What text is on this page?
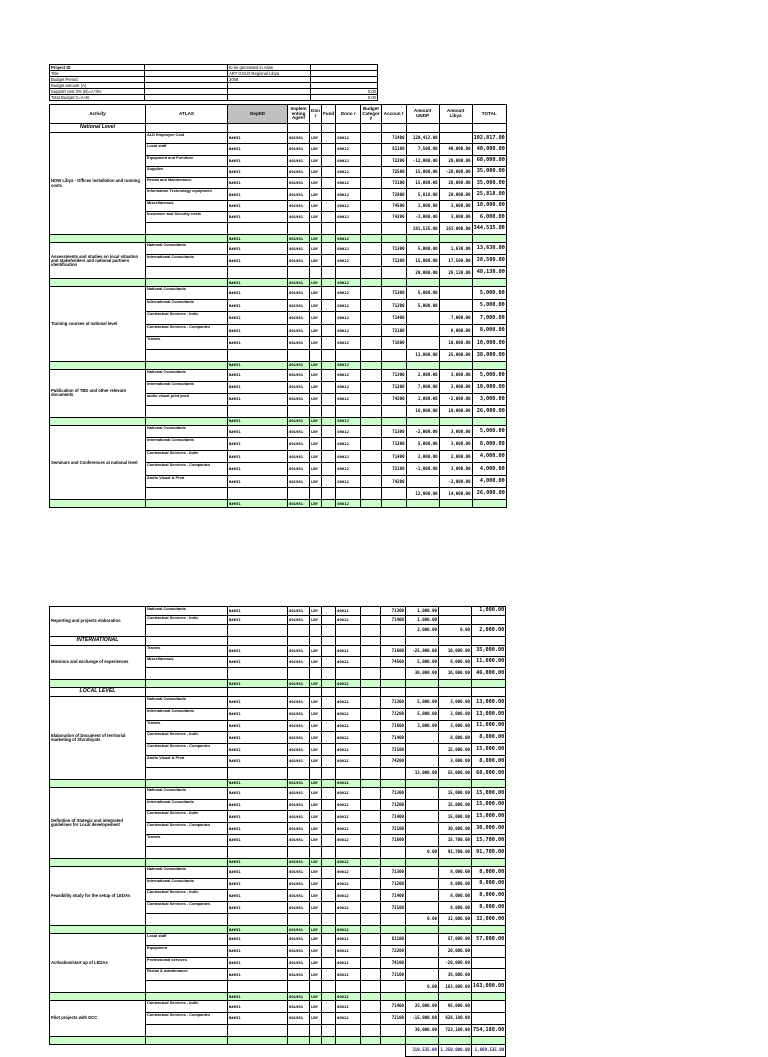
Project ID		to be generated in Atlas	
Title		ART GOLD Regional Libya	
Budget Period		2008	
Budget amount (A)			
Support cost 3% (B)=A*3%			0.00
Total Budget C=A+B			0.00
Activity	ATLAS	DeptID	Implem enting Agent	Don r	Fund	Dono r	Budget Categor y	Accoun t	Amount UNDP	Amount Libya	TOTAL
National Level											
NOW Libya - Offices installation and running costs	ALD Employee Cost	B#651	001981	LBY		00012		71400	120,412.00		102,817.00
	Local staff	B#651	001981	LBY		00012		61100	7,500.00	40,000.00	40,000.00
	Equipment and Furniture	B#651	001981	LBY		00012		72200	-12,000.00	20,000.00	68,000.00
	Supplies	B#651	001981	LBY		00012		72500	15,000.00	-20,000.00	35,000.00
	Rental and Maintenance	B#651	001981	LBY		00012		73100	15,000.00	20,000.00	35,000.00
	Information Technology equipment	B#651	001981	LBY		00012		72800	5,818.00	20,000.00	25,818.00
	Miscellaneous	B#651	001981	LBY		00012		74500	1,000.00	3,000.00	10,000.00
	Insurance and Security costs	B#651	001981	LBY		00012		74200	-3,000.00	3,000.00	6,000.00
									181,535.00	163,000.00	344,535.00
		B#651	001981	LBY		00012					
Assessments and studies on local situation and stakeholders and national partners identification	National Consultants	B#651	001981	LBY		00012		71300	5,000.00	1,630.00	13,630.00
	International Consultants	B#651	001981	LBY		00012		71200	15,000.00	17,500.00	28,500.00
									20,000.00	28,130.00	48,130.00
		B#651	001981	LBY		00012					
Training courses at national level	National Consultants	B#651	001981	LBY		00012		71300	5,000.00		5,000.00
	International Consultants	B#651	001981	LBY		00012		71200	5,000.00		5,000.00
	Contractual Services - Indiv	B#651	001981	LBY		00012		71400		7,000.00	7,000.00
	Contractual Services - Companies	B#651	001981	LBY		00012		72100		8,000.00	8,000.00
	Travels	B#651	001981	LBY		00012		71600		10,000.00	10,000.00
									13,000.00	25,000.00	38,000.00
		B#651	001981	LBY		00012					
Publication of TBD and other relevant documents	National Consultants	B#651	001981	LBY		00012		71300	2,000.00	3,000.00	5,000.00
	International Consultants	B#651	001981	LBY		00012		71200	7,000.00	3,000.00	10,000.00
	audio visual print prod	B#651	001981	LBY		00012		74200	1,000.00	-2,000.00	3,000.00
									16,000.00	10,000.00	26,000.00
		B#651	001981	LBY		00012					
Seminars and Conferences at national level	National Consultants	B#651	001981	LBY		00012		71300	-2,000.00	3,000.00	5,000.00
	International Consultants	B#651	001981	LBY		00012		71200	5,000.00	3,000.00	8,000.00
	Contractual Services - Indiv	B#651	001981	LBY		00012		71400	2,000.00	2,000.00	4,000.00
	Contractual Services - Companies	B#651	001981	LBY		00012		72100	-1,000.00	3,000.00	4,000.00
	Audio Visual & Print	B#651	001981	LBY		00012		74200		-2,000.00	4,000.00
									12,000.00	14,000.00	26,000.00
		B#651	001981	LBY		00012					
Reporting and projects elaboration	National Consultants	B#651	001981	LBY		00012		71300	1,000.00		1,000.00
	Contractual Services - Indiv	B#651	001981	LBY		00012		71400	1,000.00		
									2,000.00	0.00	2,000.00
INTERNATIONAL											
Missions and exchange of experiences	Travels	B#651	001981	LBY		00012		71600	-25,000.00	10,000.00	35,000.00
	Miscellaneous	B#651	001981	LBY		00012		74500	5,000.00	6,000.00	11,000.00
									30,000.00	16,000.00	46,000.00
		B#651	001981	LBY		00012					
LOCAL LEVEL											
Elaboration of Document of territorial marketing of Sha'abiyats	National Consultants	B#651	001981	LBY		00012		71300	5,000.00	3,000.00	13,000.00
	International Consultants	B#651	001981	LBY		00012		71200	5,000.00	3,000.00	13,000.00
	Travels	B#651	001981	LBY		00012		71600	3,000.00	3,000.00	11,000.00
	Contractual Services - Indiv	B#651	001981	LBY		00012		71400		8,000.00	8,000.00
	Contractual Services - Companies	B#651	001981	LBY		00012		72100		15,000.00	15,000.00
	Audio Visual & Print	B#651	001981	LBY		00012		74200		3,000.00	8,000.00
									13,000.00	55,000.00	68,000.00
		B#651	001981	LBY		00012					
Definition of Stategic and integrated guidelines for Local developement	National Consultants	B#651	001981	LBY		00012		71300		15,000.00	15,000.00
	International Consultants	B#651	001981	LBY		00012		71200		15,000.00	15,000.00
	Contractual Services - Indiv	B#651	001981	LBY		00012		71400		15,000.00	15,000.00
	Contractual Services - Companies	B#651	001981	LBY		00012		72100		30,000.00	30,000.00
	Travels	B#651	001981	LBY		00012		71600		15,700.00	15,700.00
									0.00	91,700.00	91,700.00
		B#651	001981	LBY		00012					
Feasibility study for the setup of LEDAs	National Consultants	B#651	001981	LBY		00012		71300		8,000.00	8,000.00
	International Consultants	B#651	001981	LBY		00012		71200		8,000.00	8,000.00
	Contractual Services - Indiv	B#651	001981	LBY		00012		71400		8,000.00	8,000.00
	Contractual Services - Companies	B#651	001981	LBY		00012		72100		8,000.00	8,000.00
									0.00	32,000.00	32,000.00
		B#651	001981	LBY		00012					
Activation/start up of LEDAs	Local staff	B#651	001981	LBY		00012		61100		57,000.00	57,000.00
	Equipment	B#651	001981	LBY		00012		72200		20,000.00	
	Professional services	B#651	001981	LBY		00012		74100		-20,000.00	
	Rental & maintenance	B#651	001981	LBY		00012		73100		36,000.00	
									0.00	163,000.00	163,000.00
		B#651	001981	LBY		00012					
Pilot projects with DCC	Contractual Services - Indiv	B#651	001981	LBY		00012		71400	25,000.00	95,000.00	
	Contractual Services - Companies	B#651	001981	LBY		00012		72100	-15,000.00	628,180.00	
									30,000.00	723,180.00	754,180.00

									319,535.00	1,350,000.00	1,669,535.00
